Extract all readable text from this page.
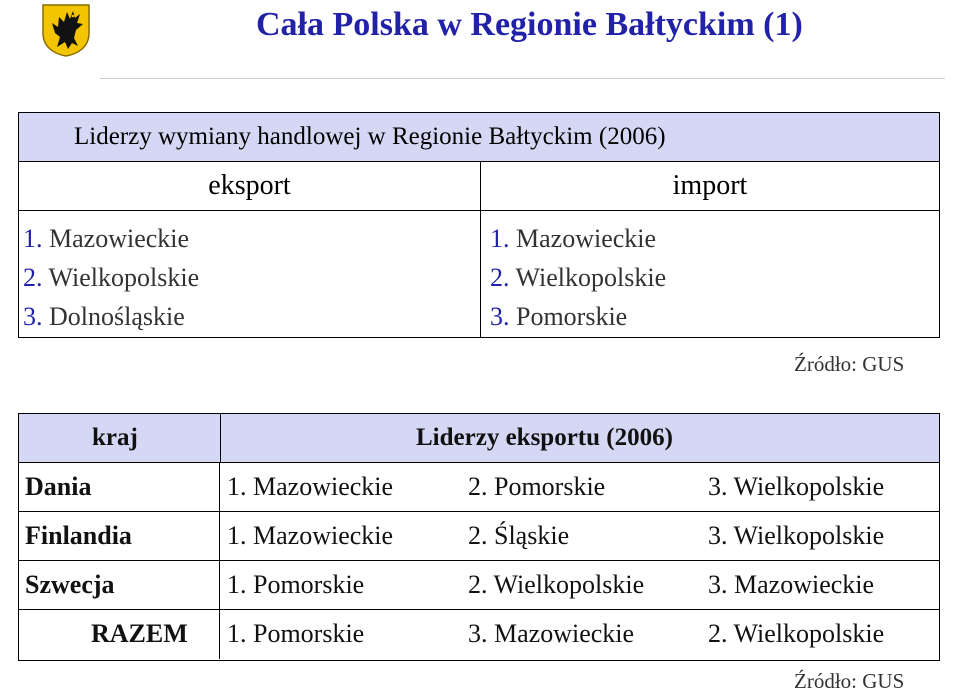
Cała Polska w Regionie Bałtyckim (1)
Liderzy wymiany handlowej w Regionie Bałtyckim (2006)
eksport	import
1. Mazowieckie
2. Wielkopolskie
3. Dolnośląskie
1. Mazowieckie
2. Wielkopolskie
3. Pomorskie
Źródło: GUS
kraj	Liderzy eksportu (2006)
Dania	1. Mazowieckie	2. Pomorskie	3. Wielkopolskie
Finlandia	1. Mazowieckie	2. Śląskie	3. Wielkopolskie
Szwecja	1. Pomorskie	2. Wielkopolskie 3. Mazowieckie
RAZEM	1. Pomorskie	3. Mazowieckie	2. Wielkopolskie
Źródło: GUS
